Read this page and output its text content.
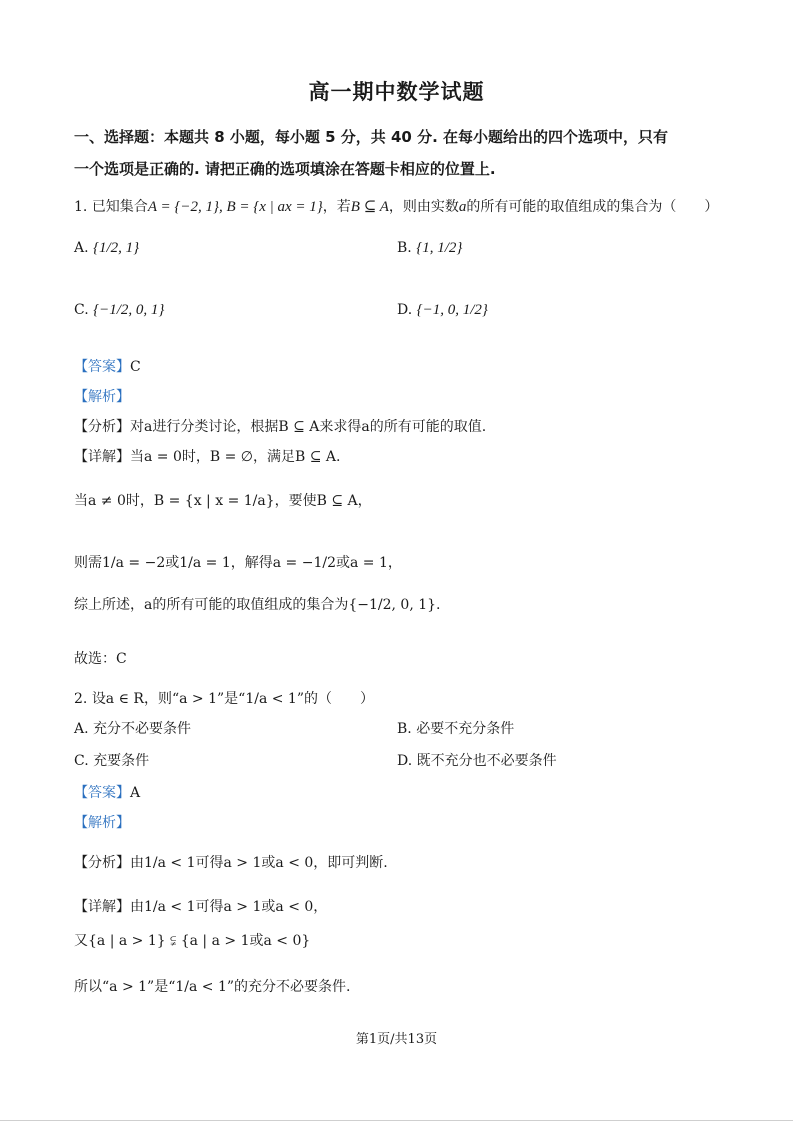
高一期中数学试题
一、选择题：本题共 8 小题，每小题 5 分，共 40 分. 在每小题给出的四个选项中，只有
一个选项是正确的. 请把正确的选项填涂在答题卡相应的位置上.
1. 已知集合A = {−2, 1}, B = {x | ax = 1}，若B ⊆ A，则由实数a的所有可能的取值组成的集合为（　　）
A. {1/2, 1}	B. {1, 1/2}
C. {−1/2, 0, 1}	D. {−1, 0, 1/2}
【答案】C
【解析】
【分析】对a进行分类讨论，根据B ⊆ A来求得a的所有可能的取值.
【详解】当a = 0时，B = ∅，满足B ⊆ A.
当a ≠ 0时，B = {x | x = 1/a}，要使B ⊆ A，
则需1/a = −2或1/a = 1，解得a = −1/2或a = 1，
综上所述，a的所有可能的取值组成的集合为{−1/2, 0, 1}.
故选：C
2. 设a ∈ R，则“a > 1”是“1/a < 1”的（　　）
A. 充分不必要条件	B. 必要不充分条件
C. 充要条件	D. 既不充分也不必要条件
【答案】A
【解析】
【分析】由1/a < 1可得a > 1或a < 0，即可判断.
【详解】由1/a < 1可得a > 1或a < 0，
又{a | a > 1} ⫋ {a | a > 1或a < 0}
所以“a > 1”是“1/a < 1”的充分不必要条件.
第1页/共13页
